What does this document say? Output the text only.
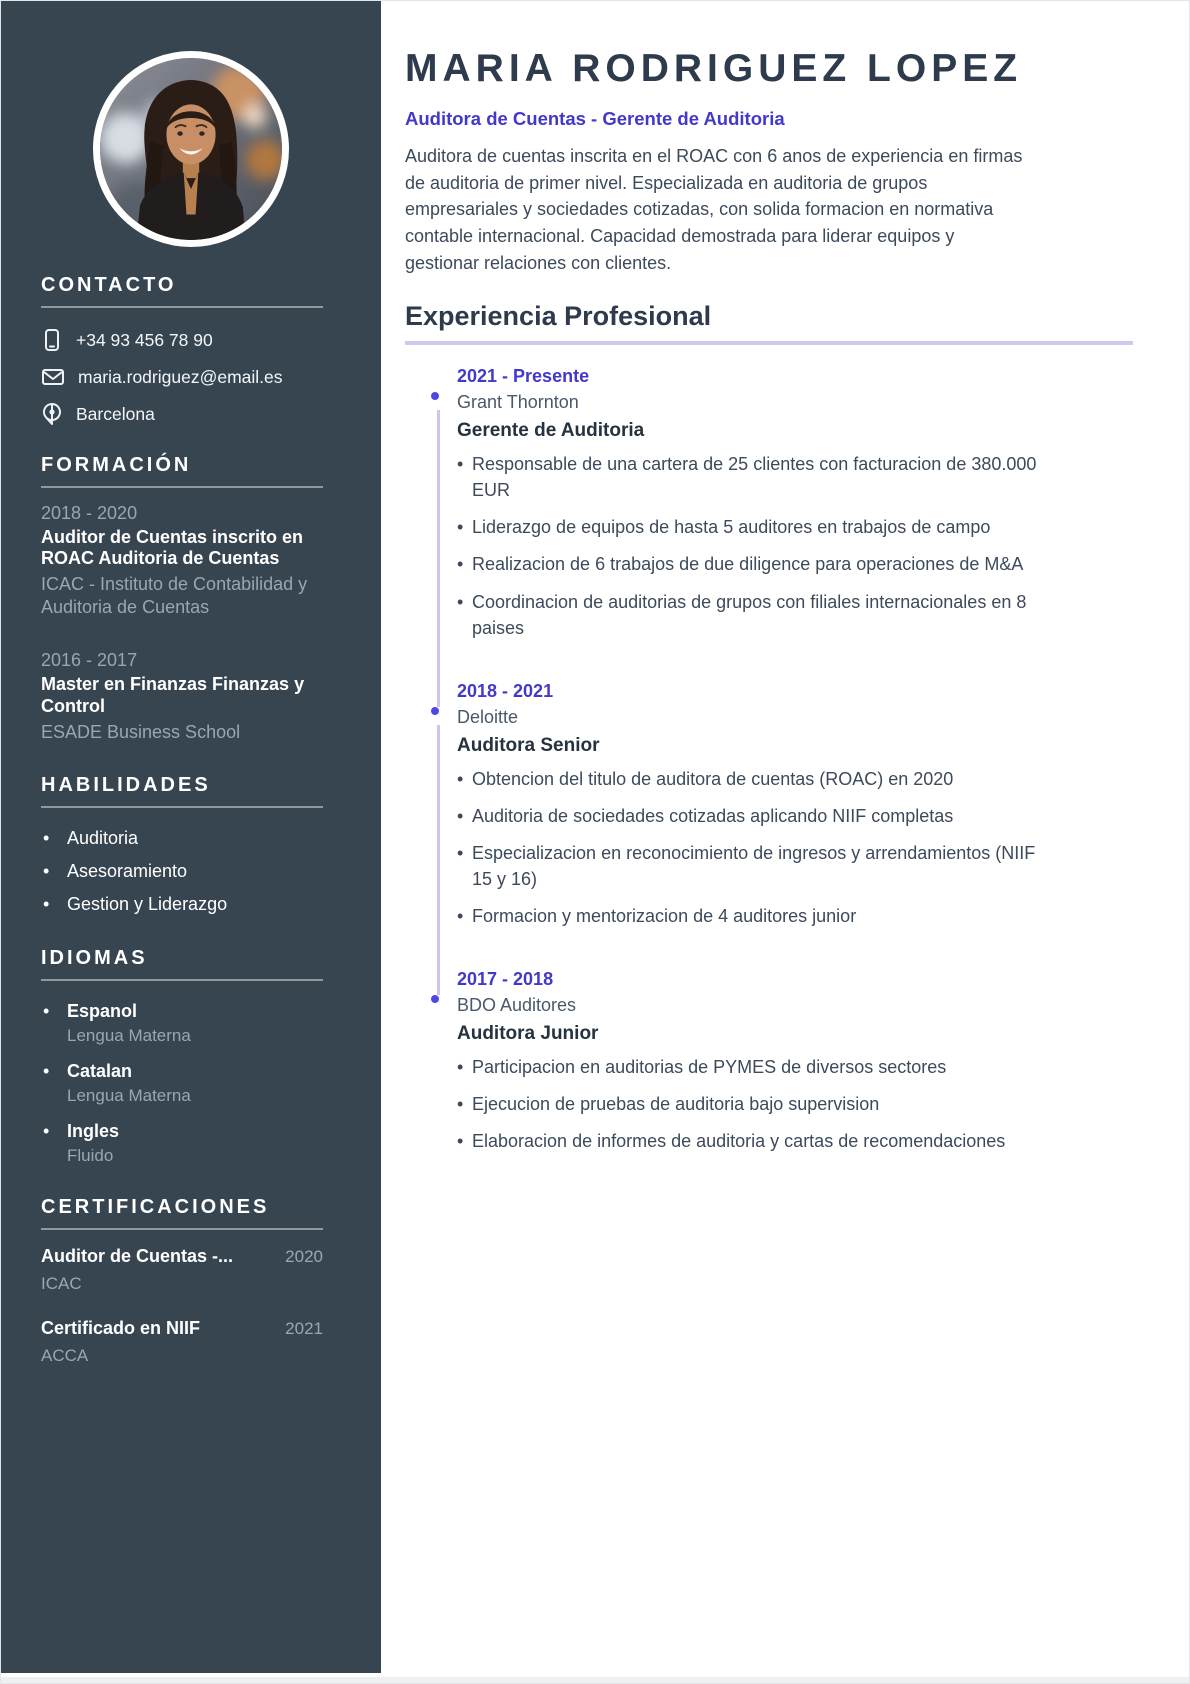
CONTACTO
+34 93 456 78 90
maria.rodriguez@email.es
Barcelona
FORMACIÓN
2018 - 2020
Auditor de Cuentas inscrito en ROAC Auditoria de Cuentas
ICAC - Instituto de Contabilidad y Auditoria de Cuentas
2016 - 2017
Master en Finanzas Finanzas y Control
ESADE Business School
HABILIDADES
• Auditoria
• Asesoramiento
• Gestion y Liderazgo
IDIOMAS
• Espanol
Lengua Materna
• Catalan
Lengua Materna
• Ingles
Fluido
CERTIFICACIONES
Auditor de Cuentas -...	2020
ICAC
Certificado en NIIF	2021
ACCA
MARIA RODRIGUEZ LOPEZ
Auditora de Cuentas - Gerente de Auditoria

Auditora de cuentas inscrita en el ROAC con 6 anos de experiencia en firmas de auditoria de primer nivel. Especializada en auditoria de grupos empresariales y sociedades cotizadas, con solida formacion en normativa contable internacional. Capacidad demostrada para liderar equipos y gestionar relaciones con clientes.

Experiencia Profesional
2021 - Presente
Grant Thornton
Gerente de Auditoria
• Responsable de una cartera de 25 clientes con facturacion de 380.000 EUR
• Liderazgo de equipos de hasta 5 auditores en trabajos de campo
• Realizacion de 6 trabajos de due diligence para operaciones de M&A
• Coordinacion de auditorias de grupos con filiales internacionales en 8 paises
2018 - 2021
Deloitte
Auditora Senior
• Obtencion del titulo de auditora de cuentas (ROAC) en 2020
• Auditoria de sociedades cotizadas aplicando NIIF completas
• Especializacion en reconocimiento de ingresos y arrendamientos (NIIF 15 y 16)
• Formacion y mentorizacion de 4 auditores junior
2017 - 2018
BDO Auditores
Auditora Junior
• Participacion en auditorias de PYMES de diversos sectores
• Ejecucion de pruebas de auditoria bajo supervision
• Elaboracion de informes de auditoria y cartas de recomendaciones
